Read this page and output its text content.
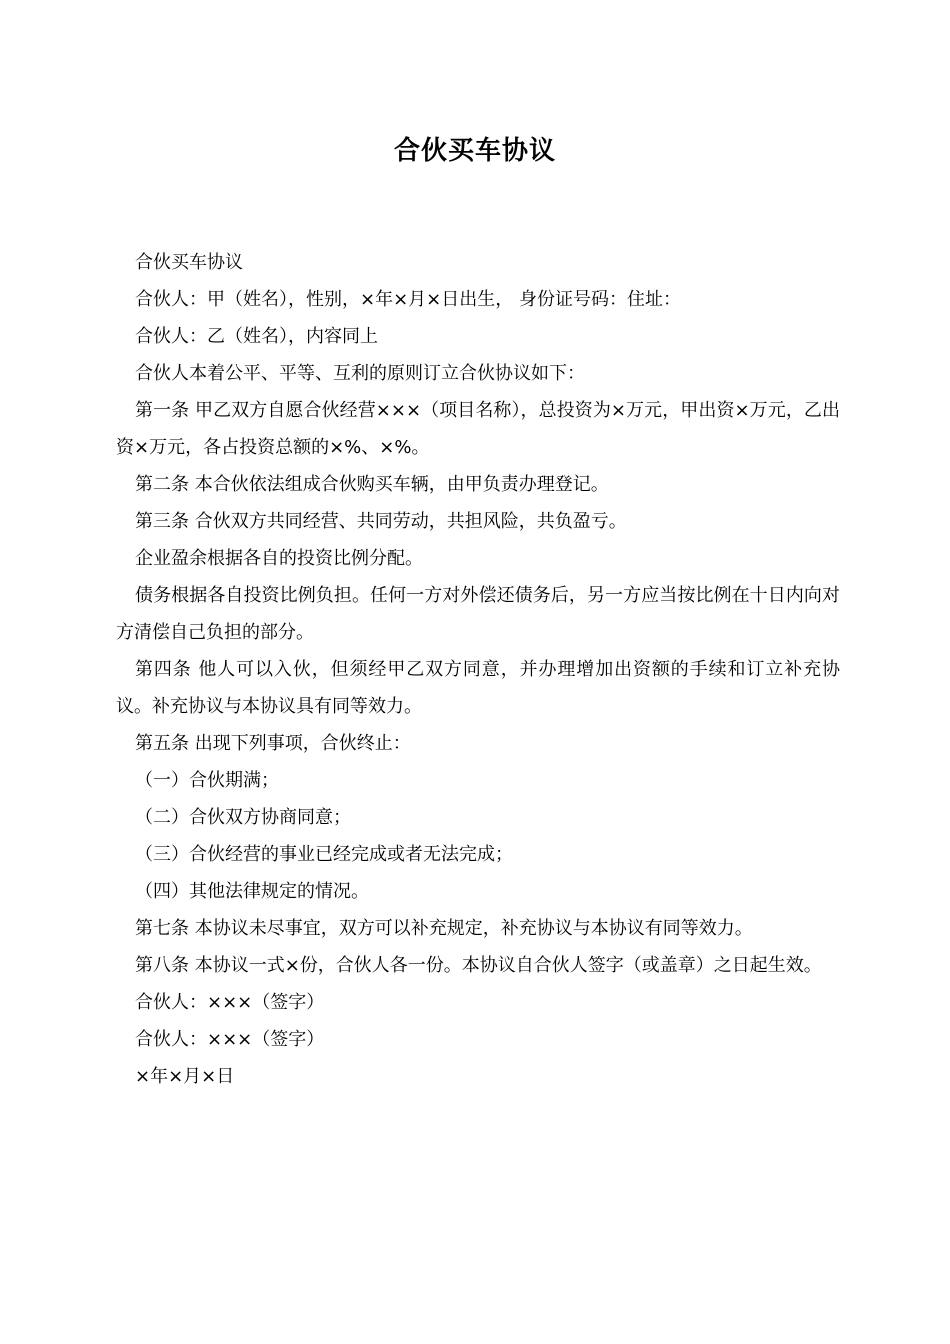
合伙买车协议

合伙买车协议

合伙人：甲（姓名），性别，×年×月×日出生， 身份证号码：住址：

合伙人：乙（姓名），内容同上

合伙人本着公平、平等、互利的原则订立合伙协议如下：

第一条 甲乙双方自愿合伙经营×××（项目名称），总投资为×万元，甲出资×万元，乙出资×万元，各占投资总额的×%、×%。

第二条 本合伙依法组成合伙购买车辆，由甲负责办理登记。

第三条 合伙双方共同经营、共同劳动，共担风险，共负盈亏。

企业盈余根据各自的投资比例分配。

债务根据各自投资比例负担。任何一方对外偿还债务后，另一方应当按比例在十日内向对方清偿自己负担的部分。

第四条 他人可以入伙，但须经甲乙双方同意，并办理增加出资额的手续和订立补充协议。补充协议与本协议具有同等效力。

第五条 出现下列事项，合伙终止：

（一）合伙期满；

（二）合伙双方协商同意；

（三）合伙经营的事业已经完成或者无法完成；

（四）其他法律规定的情况。

第七条 本协议未尽事宜，双方可以补充规定，补充协议与本协议有同等效力。

第八条 本协议一式×份，合伙人各一份。本协议自合伙人签字（或盖章）之日起生效。

合伙人：×××（签字）

合伙人：×××（签字）

×年×月×日
